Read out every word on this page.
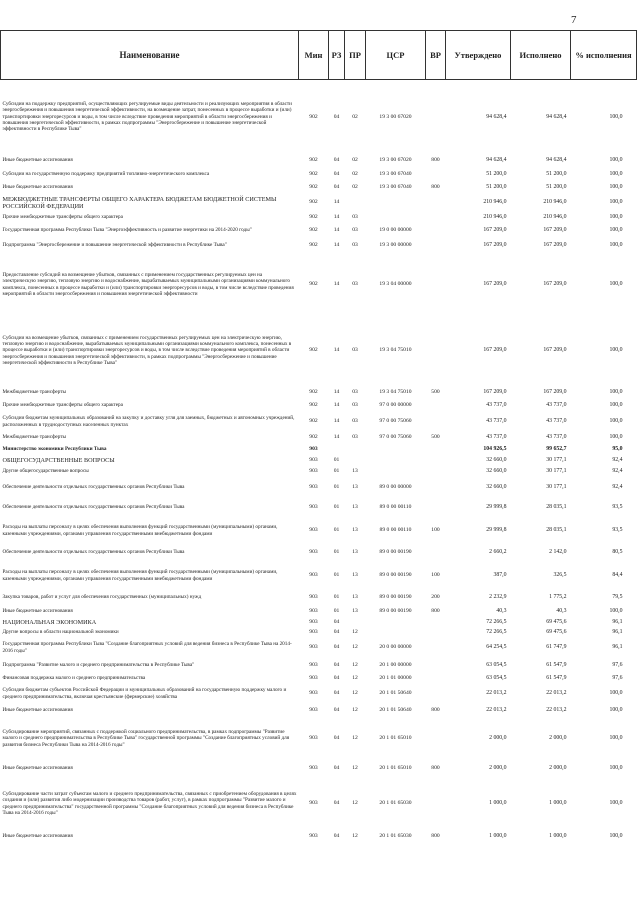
7
Наименование	Мин	РЗ	ПР	ЦСР	ВР	Утверждено	Исполнено	% исполнения
Субсидии на поддержку предприятий, осуществляющих регулируемые виды деятельности и реализующих мероприятия в области энергосбережения и повышения энергетической эффективности, на возмещение затрат, понесенных в процессе выработки и (или) транспортировки энергоресурсов и воды, в том числе вследствие проведения мероприятий в области энергосбережения и повышения энергетической эффективности, в рамках подпрограммы "Энергосбережение и повышение энергетической эффективности в Республике Тыва"	902	04	02	19 3 00 67020		94 628,4	94 628,4	100,0
Иные бюджетные ассигнования	902	04	02	19 3 00 67020	800	94 628,4	94 628,4	100,0
Субсидии на государственную поддержку предприятий топливно-энергетического комплекса	902	04	02	19 3 00 67040		51 200,0	51 200,0	100,0
Иные бюджетные ассигнования	902	04	02	19 3 00 67040	800	51 200,0	51 200,0	100,0
МЕЖБЮДЖЕТНЫЕ ТРАНСФЕРТЫ ОБЩЕГО ХАРАКТЕРА БЮДЖЕТАМ БЮДЖЕТНОЙ СИСТЕМЫ РОССИЙСКОЙ ФЕДЕРАЦИИ	902	14				210 946,0	210 946,0	100,0
Прочие межбюджетные трансферты общего характера	902	14	03			210 946,0	210 946,0	100,0
Государственная программа Республики Тыва "Энергоэффективность и развитие энергетики на 2014-2020 годы"	902	14	03	19 0 00 00000		167 209,0	167 209,0	100,0
Подпрограмма "Энергосбережение и повышение энергетической эффективности в Республике Тыва"	902	14	03	19 3 00 00000		167 209,0	167 209,0	100,0
Предоставление субсидий на возмещение убытков, связанных с применением государственных регулируемых цен на электрическую энергию, тепловую энергию и водоснабжение, вырабатываемых муниципальными организациями коммунального комплекса, понесенных в процессе выработки и (или) транспортировки энергоресурсов и воды, в том числе вследствие проведения мероприятий в области энергосбережения и повышения энергетической эффективности	902	14	03	19 3 04 00000		167 209,0	167 209,0	100,0
Субсидии на возмещение убытков, связанных с применением государственных регулируемых цен на электрическую энергию, тепловую энергию и водоснабжение, вырабатываемых муниципальными организациями коммунального комплекса, понесенных в процессе выработки и (или) транспортировки энергоресурсов и воды, в том числе вследствие проведения мероприятий в области энергосбережения и повышения энергетической эффективности, в рамках подпрограммы "Энергосбережение и повышение энергетической эффективности в Республике Тыва"	902	14	03	19 3 04 75010		167 209,0	167 209,0	100,0
Межбюджетные трансферты	902	14	03	19 3 04 75010	500	167 209,0	167 209,0	100,0
Прочие межбюджетные трансферты общего характера	902	14	03	97 0 00 00000		43 737,0	43 737,0	100,0
Субсидии бюджетам муниципальных образований на закупку и доставку угля для заемных, бюджетных и автономных учреждений, расположенных в труднодоступных населенных пунктах	902	14	03	97 0 00 75060		43 737,0	43 737,0	100,0
Межбюджетные трансферты	902	14	03	97 0 00 75060	500	43 737,0	43 737,0	100,0
Министерство экономики Республики Тыва	903					104 926,5	99 652,7	95,0
ОБЩЕГОСУДАРСТВЕННЫЕ ВОПРОСЫ	903	01				32 660,0	30 177,1	92,4
Другие общегосударственные вопросы	903	01	13			32 660,0	30 177,1	92,4
Обеспечение деятельности отдельных государственных органов Республики Тыва	903	01	13	89 0 00 00000		32 660,0	30 177,1	92,4
Обеспечение деятельности отдельных государственных органов Республики Тыва	903	01	13	89 0 00 00110		29 999,8	28 035,1	93,5
Расходы на выплаты персоналу в целях обеспечения выполнения функций государственными (муниципальными) органами, казенными учреждениями, органами управления государственными внебюджетными фондами	903	01	13	89 0 00 00110	100	29 999,8	28 035,1	93,5
Обеспечение деятельности отдельных государственных органов Республики Тыва	903	01	13	89 0 00 00190		2 660,2	2 142,0	80,5
Расходы на выплаты персоналу в целях обеспечения выполнения функций государственными (муниципальными) органами, казенными учреждениями, органами управления государственными внебюджетными фондами	903	01	13	89 0 00 00190	100	387,0	326,5	84,4
Закупка товаров, работ и услуг для обеспечения государственных (муниципальных) нужд	903	01	13	89 0 00 00190	200	2 232,9	1 775,2	79,5
Иные бюджетные ассигнования	903	01	13	89 0 00 00190	800	40,3	40,3	100,0
НАЦИОНАЛЬНАЯ ЭКОНОМИКА	903	04				72 266,5	69 475,6	96,1
Другие вопросы в области национальной экономики	903	04	12			72 266,5	69 475,6	96,1
Государственная программа Республики Тыва "Создание благоприятных условий для ведения бизнеса в Республике Тыва на 2014-2016 годы"	903	04	12	20 0 00 00000		64 254,5	61 747,9	96,1
Подпрограмма "Развитие малого и среднего предпринимательства в Республике Тыва"	903	04	12	20 1 00 00000		63 054,5	61 547,9	97,6
Финансовая поддержка малого и среднего предпринимательства	903	04	12	20 1 01 00000		63 054,5	61 547,9	97,6
Субсидии бюджетам субъектов Российской Федерации и муниципальных образований на государственную поддержку малого и среднего предпринимательства, включая крестьянские (фермерские) хозяйства	903	04	12	20 1 01 50640		22 013,2	22 013,2	100,0
Иные бюджетные ассигнования	903	04	12	20 1 01 50640	800	22 013,2	22 013,2	100,0
Субсидирование мероприятий, связанных с поддержкой социального предпринимательства, в рамках подпрограммы "Развитие малого и среднего предпринимательства в Республике Тыва" государственной программы "Создание благоприятных условий для развития бизнеса Республики Тыва на 2014-2016 годы"	903	04	12	20 1 01 65010		2 000,0	2 000,0	100,0
Иные бюджетные ассигнования	903	04	12	20 1 01 65010	800	2 000,0	2 000,0	100,0
Субсидирование части затрат субъектам малого и среднего предпринимательства, связанных с приобретением оборудования в целях создания и (или) развития либо модернизации производства товаров (работ, услуг), в рамках подпрограммы "Развитие малого и среднего предпринимательства" государственной программы "Создание благоприятных условий для ведения бизнеса в Республике Тыва на 2014-2016 годы"	903	04	12	20 1 01 65030		1 000,0	1 000,0	100,0
Иные бюджетные ассигнования	903	04	12	20 1 01 65030	800	1 000,0	1 000,0	100,0
